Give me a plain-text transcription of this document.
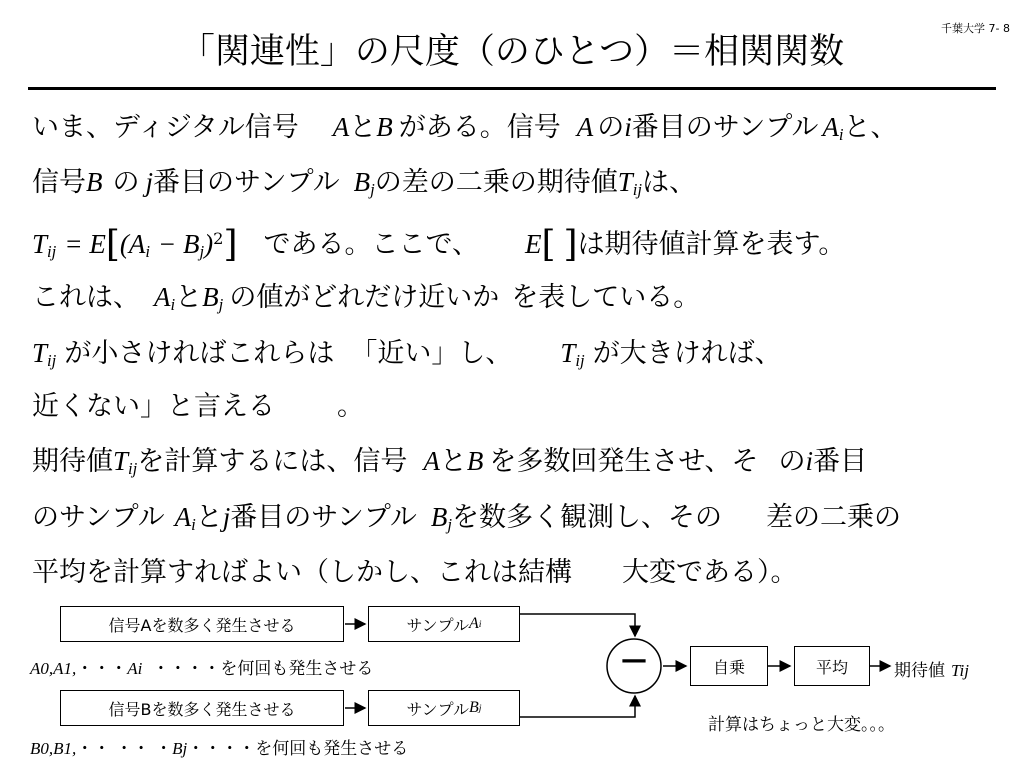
千葉大学 7- 8
「関連性」の尺度（のひとつ）＝相関関数
いま、ディジタル信号 AとB がある。信号 A のi番目のサンプル $A_i$と、
信号B の j番目のサンプル $B_j$の差の二乗の期待値$T_{ij}$は、
$T_{ij} = E[(A_i - B_j)^2]$ である。ここで、 E[ ]は期待値計算を表す。
これは、 $A_i$と$B_j$ の値がどれだけ近いか を表している。
$T_{ij}$ が小さければこれらは 「近い」し、 $T_{ij}$ が大きければ、
近くない」と言える 。
期待値$T_{ij}$を計算するには、信号 AとB を多数回発生させ、そ のi番目
のサンプル $A_i$とj番目のサンプル $B_j$を数多く観測し、その 差の二乗の
平均を計算すればよい（しかし、これは結構 大変である）。
—
信号Aを数多く発生させる	サンプル A i
A0,A1,・・・Ai ・・・・を何回も発生させる
信号Bを数多く発生させる	サンプル B j
B0,B1,・・ ・・ ・Bj・・・・を何回も発生させる
自乗	平均	期待値 Tij
計算はちょっと大変。。。
